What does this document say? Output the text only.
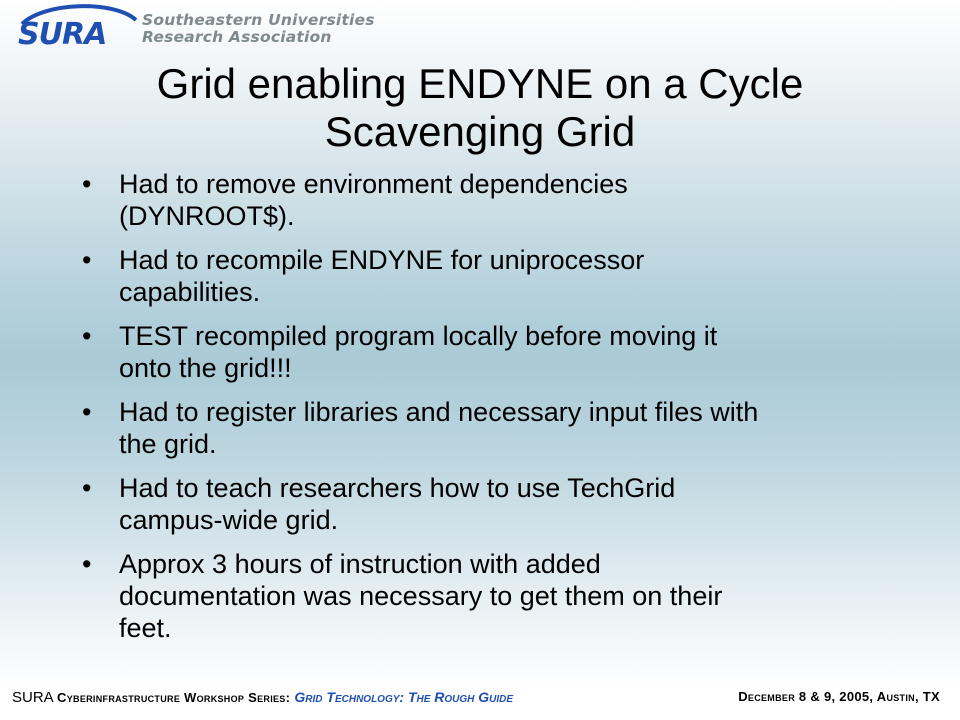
SURA Southeastern Universities
Research Association
Grid enabling ENDYNE on a Cycle
Scavenging Grid
• Had to remove environment dependencies
(DYNROOT$).
• Had to recompile ENDYNE for uniprocessor
capabilities.
• TEST recompiled program locally before moving it
onto the grid!!!
• Had to register libraries and necessary input files with
the grid.
• Had to teach researchers how to use TechGrid
campus-wide grid.
• Approx 3 hours of instruction with added
documentation was necessary to get them on their
feet.
SURA Cyberinfrastructure Workshop Series: Grid Technology: The Rough Guide	December 8 & 9, 2005, Austin, TX
